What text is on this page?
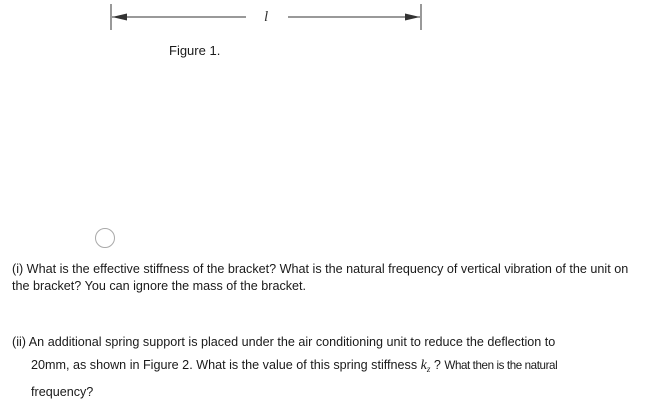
l
Figure 1.

(i) What is the effective stiffness of the bracket? What is the natural frequency of vertical vibration of the unit on the bracket? You can ignore the mass of the bracket.

(ii) An additional spring support is placed under the air conditioning unit to reduce the deflection to
20mm, as shown in Figure 2. What is the value of this spring stiffness $k_z$ ? What then is the natural
frequency?
